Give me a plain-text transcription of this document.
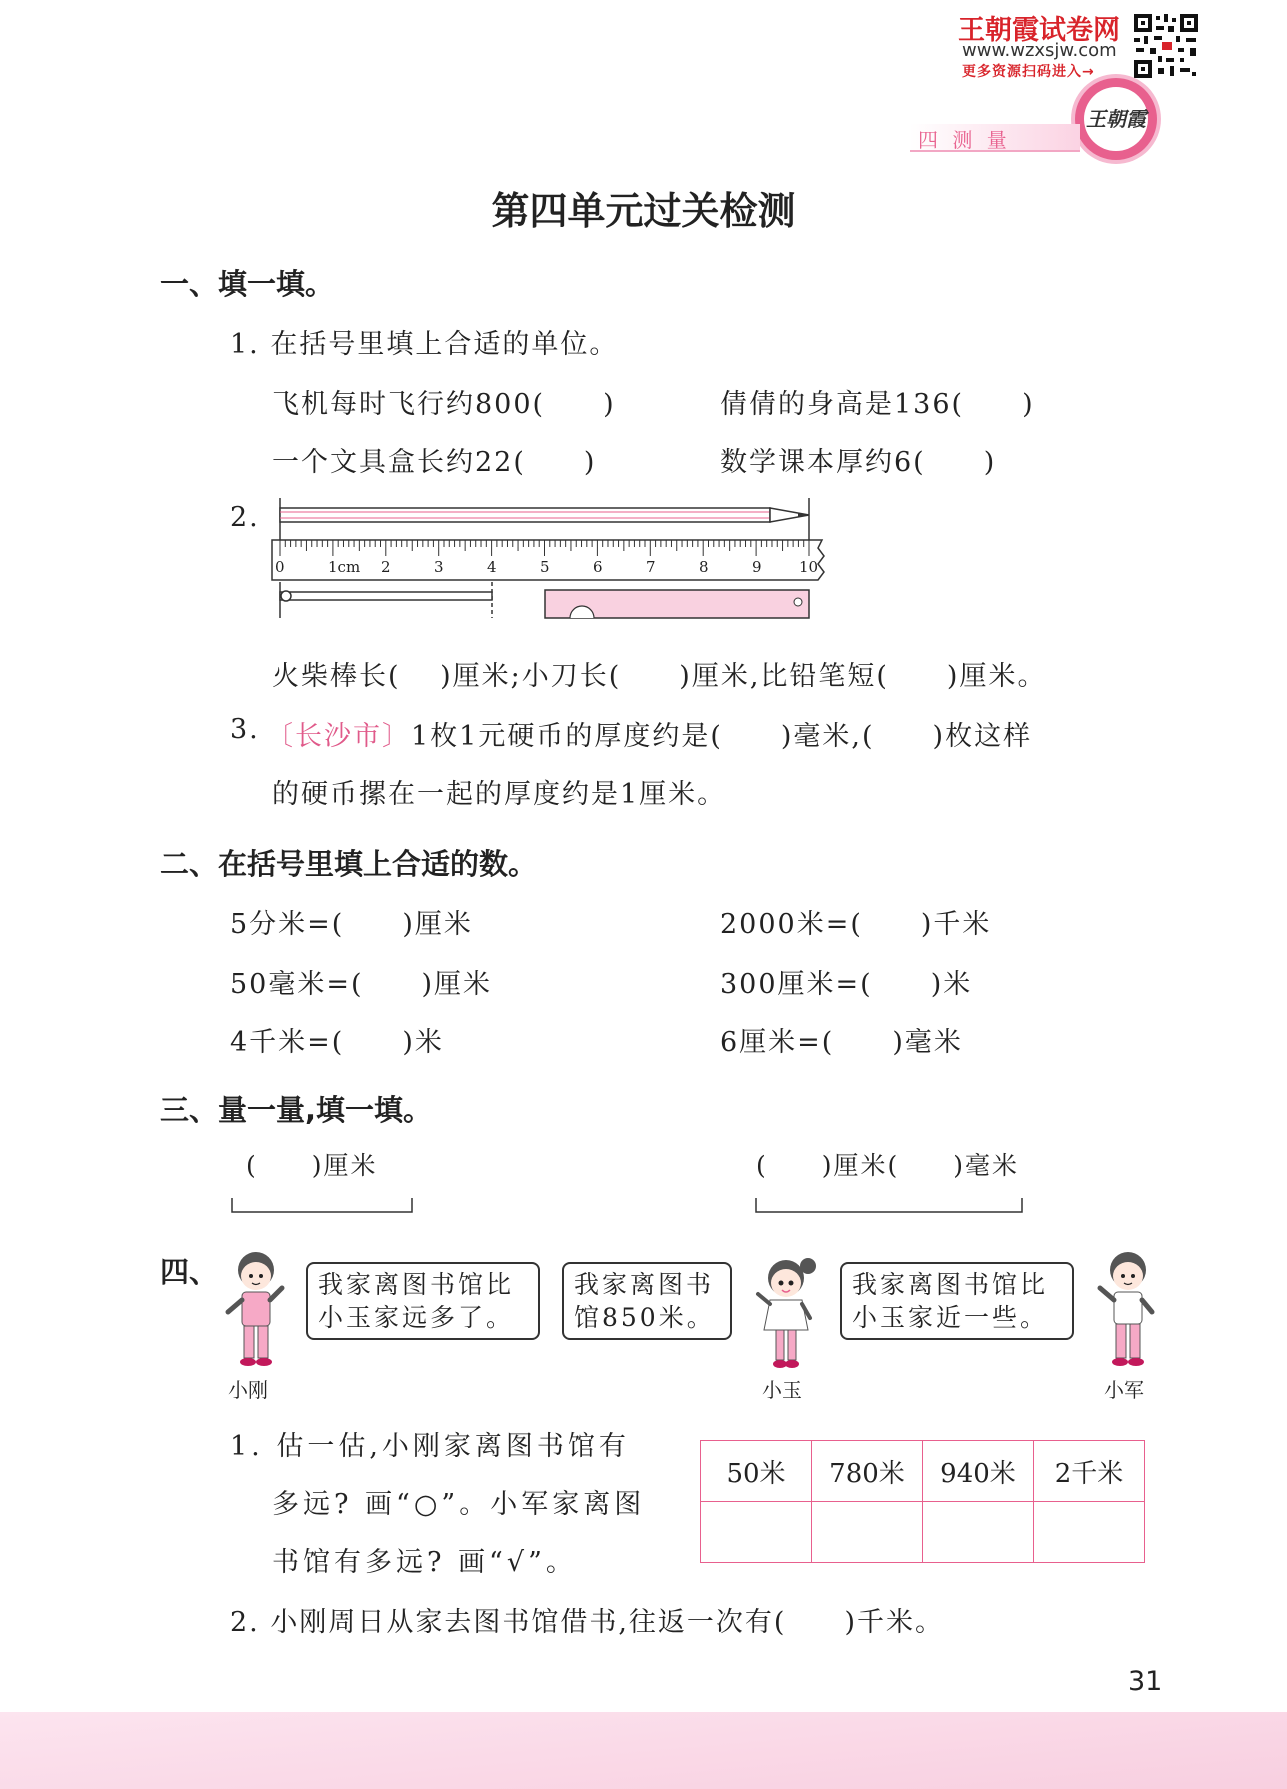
王朝霞试卷网
www.wzxsjw.com
更多资源扫码进入→
王朝霞
四 测 量
第四单元过关检测
一、填一填。
1. 在括号里填上合适的单位。
飞机每时飞行约800(　　)	倩倩的身高是136(　　)
一个文具盒长约22(　　)	数学课本厚约6(　　)
2.
0	1cm 2	3	4	5	6	7	8	9 10
火柴棒长(　 )厘米;小刀长(　　)厘米,比铅笔短(　　)厘米。
3. 〔长沙市〕1枚1元硬币的厚度约是(　　)毫米,(　　)枚这样
的硬币摞在一起的厚度约是1厘米。
二、在括号里填上合适的数。
5分米=(　　)厘米	2000米=(　　)千米
50毫米=(　　)厘米	300厘米=(　　)米
4千米=(　　)米	6厘米=(　　)毫米
三、量一量,填一填。
(　　)厘米	(　　)厘米(　　)毫米
四、
小刚
我家离图书馆比小玉家远多了。
我家离图书馆850米。
小玉
我家离图书馆比小玉家近一些。
小军
1. 估一估,小刚家离图书馆有
多远? 画“○”。小军家离图
书馆有多远? 画“√”。
50米	780米	940米	2千米

2. 小刚周日从家去图书馆借书,往返一次有(　　)千米。
31
